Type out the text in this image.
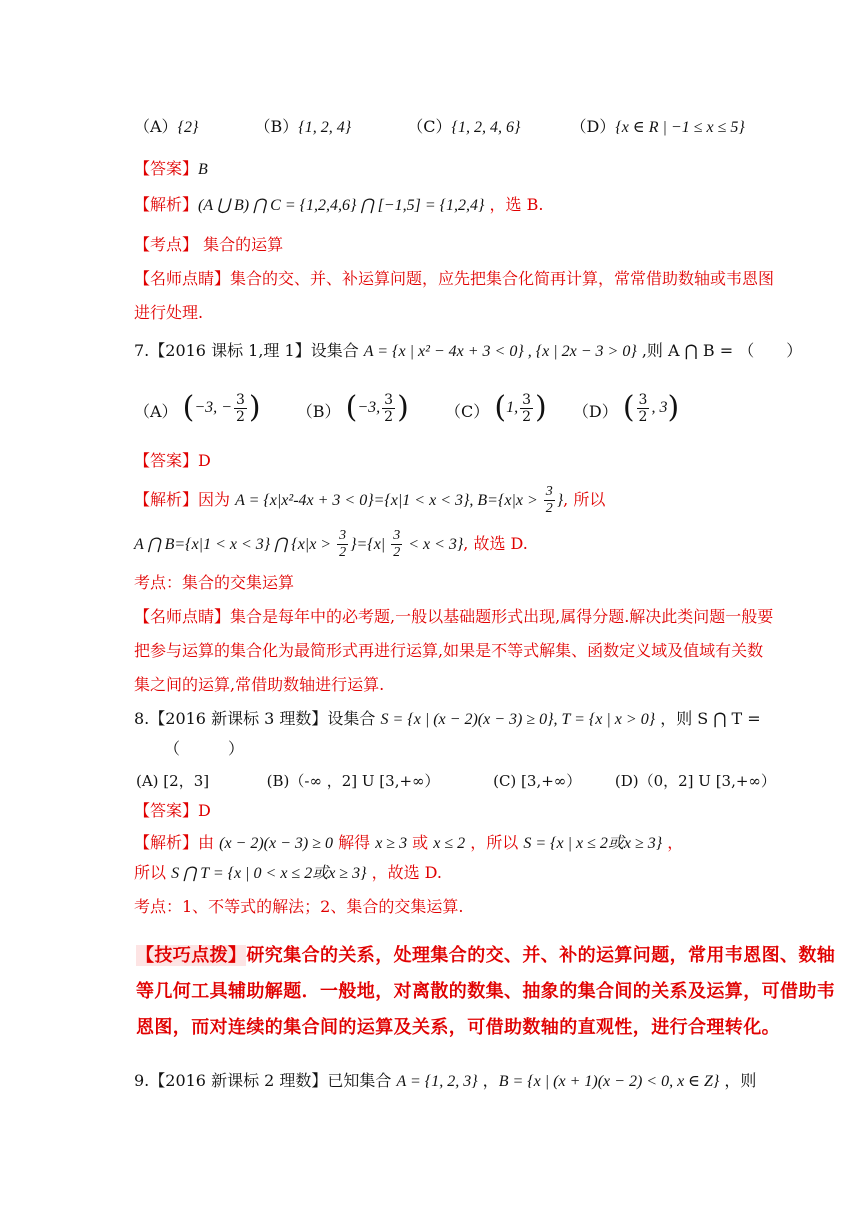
（A）{2}	（B）{1, 2, 4}	（C）{1, 2, 4, 6}	（D）{x ∈ R | −1 ≤ x ≤ 5}
【答案】B
【解析】(A ⋃ B) ⋂ C = {1,2,4,6} ⋂ [−1,5] = {1,2,4} ，选 B.
【考点】 集合的运算
【名师点睛】集合的交、并、补运算问题，应先把集合化简再计算，常常借助数轴或韦恩图
进行处理.
7.【2016 课标 1,理 1】设集合 A = {x | x² − 4x + 3 < 0} , {x | 2x − 3 > 0} ,则 A ⋂ B = （　　）
（A） ( −3, − $\frac{3}{2}$ ) （B） ( −3, $\frac{3}{2}$ ) （C） ( 1, $\frac{3}{2}$ ) （D） ( $\frac{3}{2}$ , 3 )
【答案】D
【解析】因为 A = {x|x²-4x + 3 < 0}={x|1 < x < 3}, $B=\{x|x > \frac{3}{2}$ }, 所以
A ⋂ B={x|1 < x < 3} ⋂ $\{x|x > \frac{3}{2} \}=\{x| \frac{3}{2} < x < 3\}$, 故选 D.
考点：集合的交集运算
【名师点睛】集合是每年中的必考题,一般以基础题形式出现,属得分题.解决此类问题一般要
把参与运算的集合化为最简形式再进行运算,如果是不等式解集、函数定义域及值域有关数
集之间的运算,常借助数轴进行运算.
8.【2016 新课标 3 理数】设集合 S = {x | (x − 2)(x − 3) ≥ 0}, T = {x | x > 0} ，则 S ⋂ T =
（　　　）
(A) [2，3]	(B)（-∞ ，2] U [3,+∞）	(C) [3,+∞） (D)（0，2] U [3,+∞）
【答案】D
【解析】由 (x − 2)(x − 3) ≥ 0 解得 x ≥ 3 或 x ≤ 2 ，所以 S = {x | x ≤ 2或x ≥ 3} ，
所以 S ⋂ T = {x | 0 < x ≤ 2或x ≥ 3} ，故选 D.
考点：1、不等式的解法；2、集合的交集运算.
【技巧点拨】研究集合的关系，处理集合的交、并、补的运算问题，常用韦恩图、数轴等几何工具辅助解题．一般地，对离散的数集、抽象的集合间的关系及运算，可借助韦恩图，而对连续的集合间的运算及关系，可借助数轴的直观性，进行合理转化。
9.【2016 新课标 2 理数】已知集合 A = {1, 2, 3} ，B = {x | (x + 1)(x − 2) < 0, x ∈ Z} ，则
